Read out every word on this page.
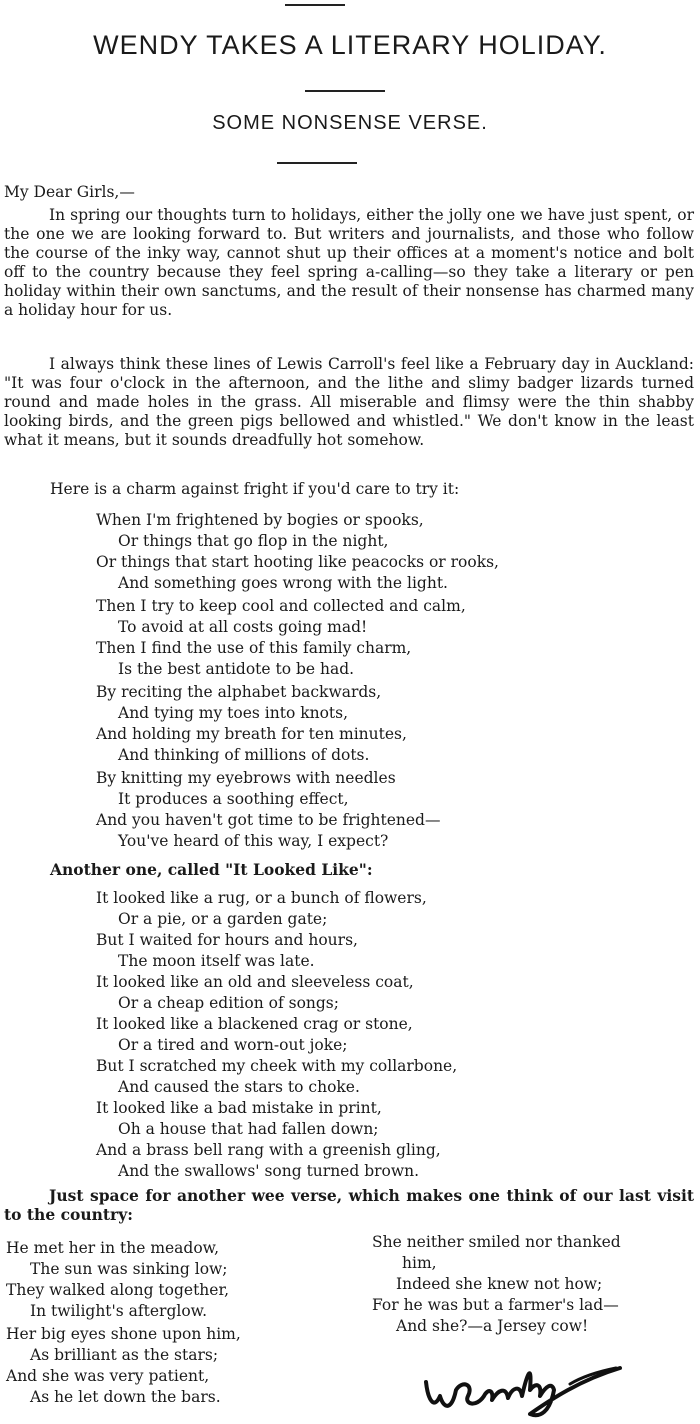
WENDY TAKES A LITERARY HOLIDAY.
SOME NONSENSE VERSE.
My Dear Girls,—
In spring our thoughts turn to holidays, either the jolly one we have just spent, or the one we are looking forward to. But writers and journalists, and those who follow the course of the inky way, cannot shut up their offices at a moment's notice and bolt off to the country because they feel spring a-calling—so they take a literary or pen holiday within their own sanctums, and the result of their nonsense has charmed many a holiday hour for us.
I always think these lines of Lewis Carroll's feel like a February day in Auckland: "It was four o'clock in the afternoon, and the lithe and slimy badger lizards turned round and made holes in the grass. All miserable and flimsy were the thin shabby looking birds, and the green pigs bellowed and whistled." We don't know in the least what it means, but it sounds dreadfully hot somehow.
Here is a charm against fright if you'd care to try it:
When I'm frightened by bogies or spooks,
Or things that go flop in the night,
Or things that start hooting like peacocks or rooks,
And something goes wrong with the light.
Then I try to keep cool and collected and calm,
To avoid at all costs going mad!
Then I find the use of this family charm,
Is the best antidote to be had.
By reciting the alphabet backwards,
And tying my toes into knots,
And holding my breath for ten minutes,
And thinking of millions of dots.
By knitting my eyebrows with needles
It produces a soothing effect,
And you haven't got time to be frightened—
You've heard of this way, I expect?
Another one, called "It Looked Like":
It looked like a rug, or a bunch of flowers,
Or a pie, or a garden gate;
But I waited for hours and hours,
The moon itself was late.
It looked like an old and sleeveless coat,
Or a cheap edition of songs;
It looked like a blackened crag or stone,
Or a tired and worn-out joke;
But I scratched my cheek with my collarbone,
And caused the stars to choke.
It looked like a bad mistake in print,
Oh a house that had fallen down;
And a brass bell rang with a greenish gling,
And the swallows' song turned brown.
Just space for another wee verse, which makes one think of our last visit to the country:
He met her in the meadow,
The sun was sinking low;
They walked along together,
In twilight's afterglow.
Her big eyes shone upon him,
As brilliant as the stars;
And she was very patient,
As he let down the bars.
She neither smiled nor thanked
him,
Indeed she knew not how;
For he was but a farmer's lad—
And she?—a Jersey cow!
